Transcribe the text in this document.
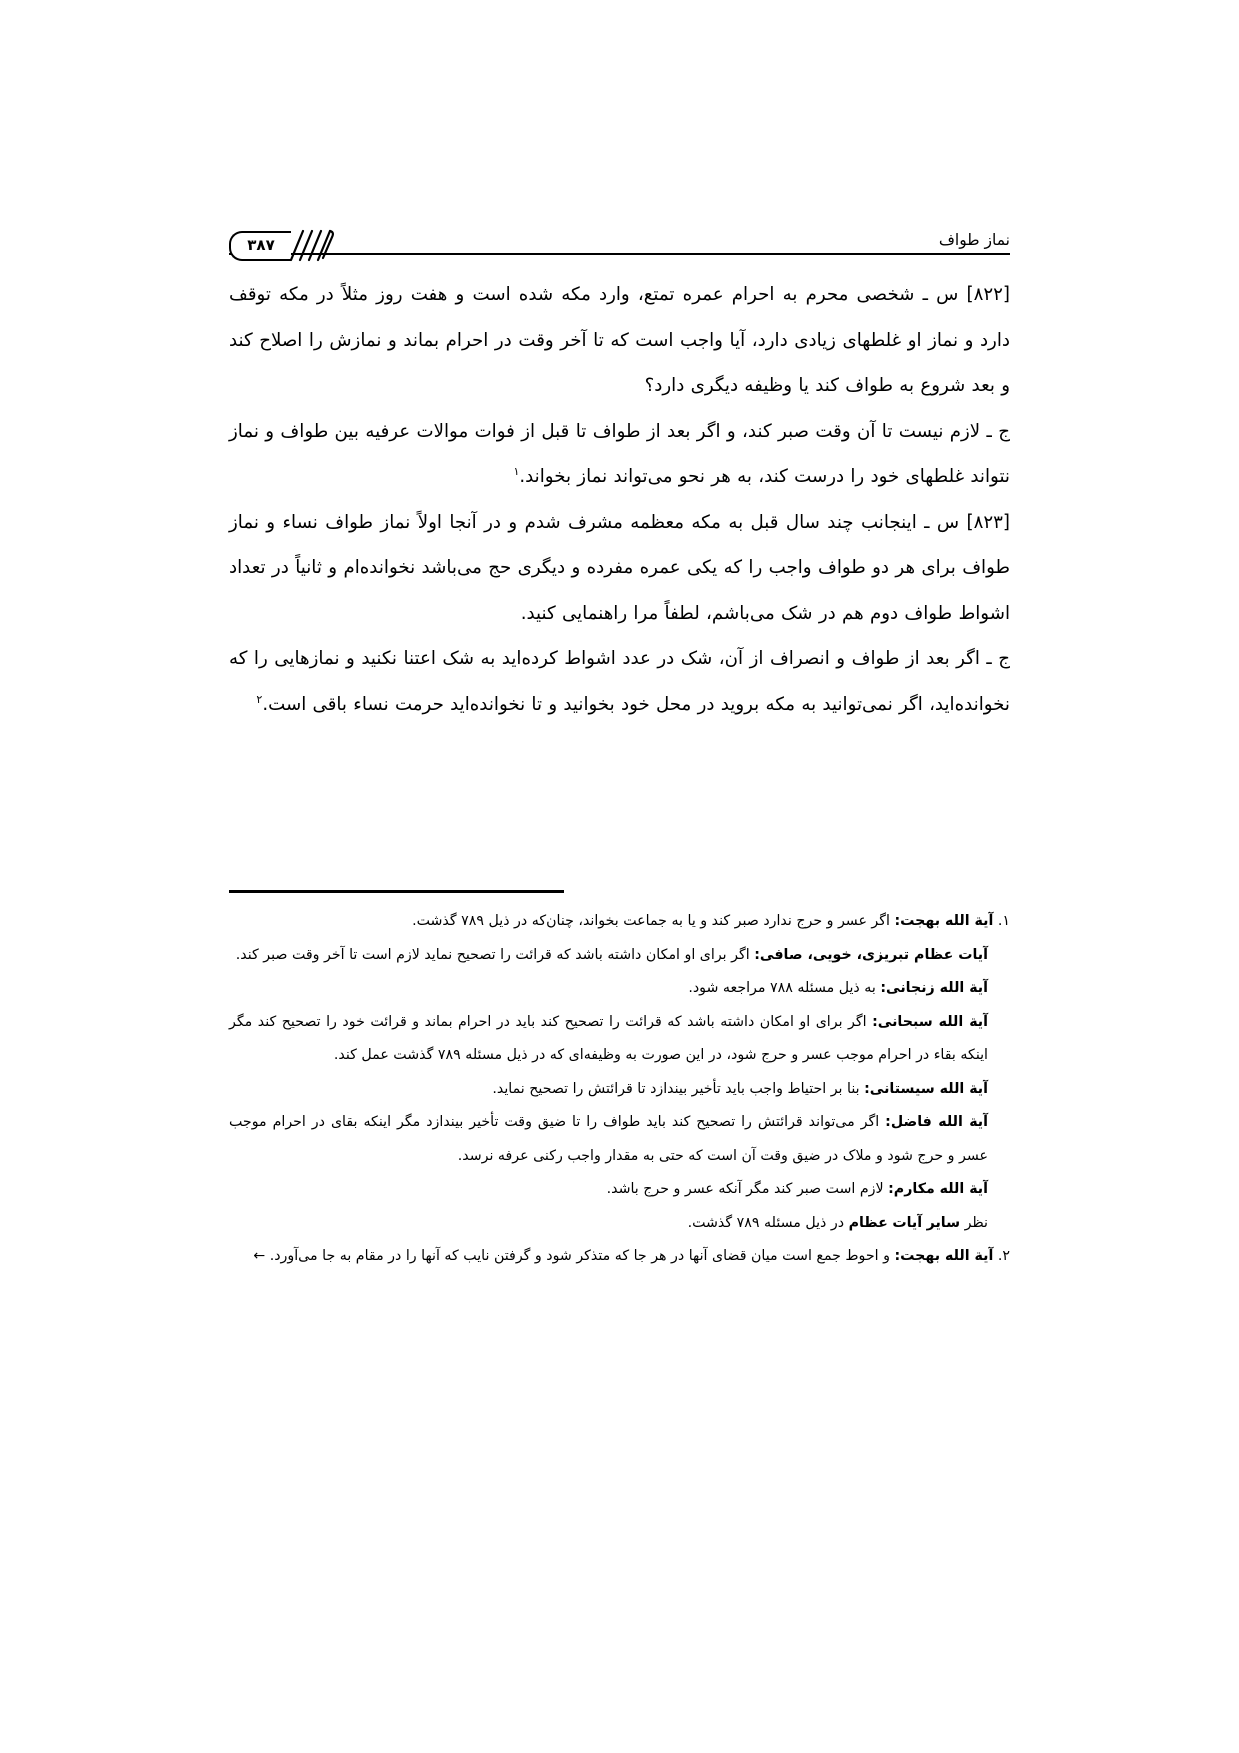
نماز طواف
۳۸۷

[۸۲۲] س ـ شخصی محرم به احرام عمره تمتع، وارد مکه شده است و هفت روز مثلاً در مکه توقف دارد و نماز او غلطهای زیادی دارد، آیا واجب است که تا آخر وقت در احرام بماند و نمازش را اصلاح کند و بعد شروع به طواف کند یا وظیفه دیگری دارد؟

ج ـ لازم نیست تا آن وقت صبر کند، و اگر بعد از طواف تا قبل از فوات موالات عرفیه بین طواف و نماز نتواند غلطهای خود را درست کند، به هر نحو می‌تواند نماز بخواند.$^۱$

[۸۲۳] س ـ اینجانب چند سال قبل به مکه معظمه مشرف شدم و در آنجا اولاً نماز طواف نساء و نماز طواف برای هر دو طواف واجب را که یکی عمره مفرده و دیگری حج می‌باشد نخوانده‌ام و ثانیاً در تعداد اشواط طواف دوم هم در شک می‌باشم، لطفاً مرا راهنمایی کنید.

ج ـ اگر بعد از طواف و انصراف از آن، شک در عدد اشواط کرده‌اید به شک اعتنا نکنید و نمازهایی را که نخوانده‌اید، اگر نمی‌توانید به مکه بروید در محل خود بخوانید و تا نخوانده‌اید حرمت نساء باقی است.$^۲$

۱. آیة الله بهجت: اگر عسر و حرج ندارد صبر کند و یا به جماعت بخواند، چنان‌که در ذیل ۷۸۹ گذشت.

آیات عظام تبریزی، خویی، صافی: اگر برای او امکان داشته باشد که قرائت را تصحیح نماید لازم است تا آخر وقت صبر کند.

آیة الله زنجانی: به ذیل مسئله ۷۸۸ مراجعه شود.

آیة الله سبحانی: اگر برای او امکان داشته باشد که قرائت را تصحیح کند باید در احرام بماند و قرائت خود را تصحیح کند مگر اینکه بقاء در احرام موجب عسر و حرج شود، در این صورت به وظیفه‌ای که در ذیل مسئله ۷۸۹ گذشت عمل کند.

آیة الله سیستانی: بنا بر احتیاط واجب باید تأخیر بیندازد تا قرائتش را تصحیح نماید.

آیة الله فاضل: اگر می‌تواند قرائتش را تصحیح کند باید طواف را تا ضیق وقت تأخیر بیندازد مگر اینکه بقای در احرام موجب عسر و حرج شود و ملاک در ضیق وقت آن است که حتی به مقدار واجب رکنی عرفه نرسد.

آیة الله مکارم: لازم است صبر کند مگر آنکه عسر و حرج باشد.

نظر سایر آیات عظام در ذیل مسئله ۷۸۹ گذشت.

۲. آیة الله بهجت: و احوط جمع است میان قضای آنها در هر جا که متذکر شود و گرفتن نایب که آنها را در مقام به جا می‌آورد. ←
